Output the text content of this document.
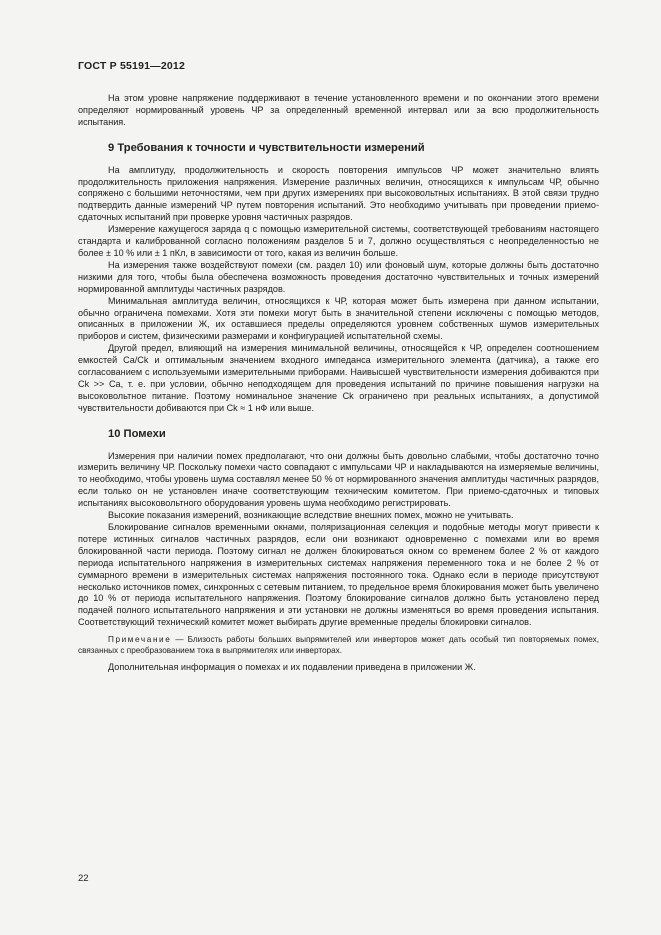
ГОСТ Р 55191—2012

На этом уровне напряжение поддерживают в течение установленного времени и по окончании этого времени определяют нормированный уровень ЧР за определенный временной интервал или за всю продолжительность испытания.

9 Требования к точности и чувствительности измерений

На амплитуду, продолжительность и скорость повторения импульсов ЧР может значительно влиять продолжительность приложения напряжения. Измерение различных величин, относящихся к импульсам ЧР, обычно сопряжено с большими неточностями, чем при других измерениях при высоковольтных испытаниях. В этой связи трудно подтвердить данные измерений ЧР путем повторения испытаний. Это необходимо учитывать при проведении приемо-сдаточных испытаний при проверке уровня частичных разрядов.

Измерение кажущегося заряда q с помощью измерительной системы, соответствующей требованиям настоящего стандарта и калиброванной согласно положениям разделов 5 и 7, должно осуществляться с неопределенностью не более ± 10 % или ± 1 пКл, в зависимости от того, какая из величин больше.

На измерения также воздействуют помехи (см. раздел 10) или фоновый шум, которые должны быть достаточно низкими для того, чтобы была обеспечена возможность проведения достаточно чувствительных и точных измерений нормированной амплитуды частичных разрядов.

Минимальная амплитуда величин, относящихся к ЧР, которая может быть измерена при данном испытании, обычно ограничена помехами. Хотя эти помехи могут быть в значительной степени исключены с помощью методов, описанных в приложении Ж, их оставшиеся пределы определяются уровнем собственных шумов измерительных приборов и систем, физическими размерами и конфигурацией испытательной схемы.

Другой предел, влияющий на измерения минимальной величины, относящейся к ЧР, определен соотношением емкостей Ca/Ck и оптимальным значением входного импеданса измерительного элемента (датчика), а также его согласованием с используемыми измерительными приборами. Наивысшей чувствительности измерения добиваются при Ck >> Ca, т. е. при условии, обычно неподходящем для проведения испытаний по причине повышения нагрузки на высоковольтное питание. Поэтому номинальное значение Ck ограничено при реальных испытаниях, а допустимой чувствительности добиваются при Ck ≈ 1 нФ или выше.

10 Помехи

Измерения при наличии помех предполагают, что они должны быть довольно слабыми, чтобы достаточно точно измерить величину ЧР. Поскольку помехи часто совпадают с импульсами ЧР и накладываются на измеряемые величины, то необходимо, чтобы уровень шума составлял менее 50 % от нормированного значения амплитуды частичных разрядов, если только он не установлен иначе соответствующим техническим комитетом. При приемо-сдаточных и типовых испытаниях высоковольтного оборудования уровень шума необходимо регистрировать.

Высокие показания измерений, возникающие вследствие внешних помех, можно не учитывать.

Блокирование сигналов временными окнами, поляризационная селекция и подобные методы могут привести к потере истинных сигналов частичных разрядов, если они возникают одновременно с помехами или во время блокированной части периода. Поэтому сигнал не должен блокироваться окном со временем более 2 % от каждого периода испытательного напряжения в измерительных системах напряжения переменного тока и не более 2 % от суммарного времени в измерительных системах напряжения постоянного тока. Однако если в периоде присутствуют несколько источников помех, синхронных с сетевым питанием, то предельное время блокирования может быть увеличено до 10 % от периода испытательного напряжения. Поэтому блокирование сигналов должно быть установлено перед подачей полного испытательного напряжения и эти установки не должны изменяться во время проведения испытания. Соответствующий технический комитет может выбирать другие временные пределы блокировки сигналов.

Примечание — Близость работы больших выпрямителей или инверторов может дать особый тип повторяемых помех, связанных с преобразованием тока в выпрямителях или инверторах.

Дополнительная информация о помехах и их подавлении приведена в приложении Ж.

22
